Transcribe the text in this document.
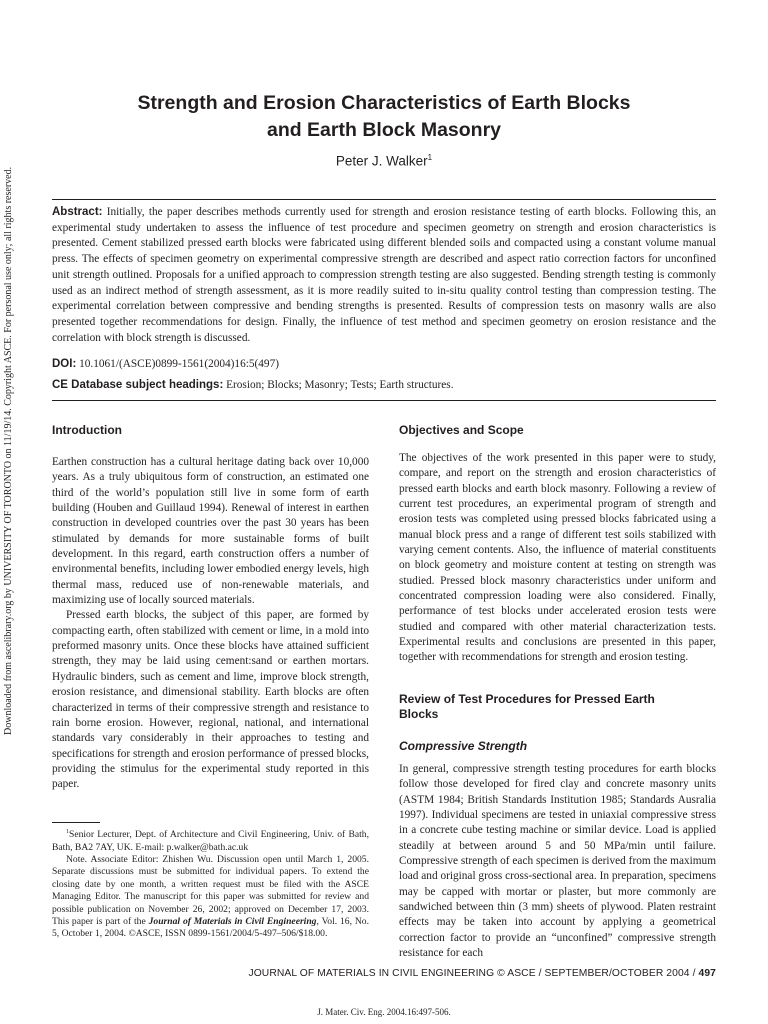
Downloaded from ascelibrary.org by UNIVERSITY OF TORONTO on 11/19/14. Copyright ASCE. For personal use only; all rights reserved.
Strength and Erosion Characteristics of Earth Blocks
and Earth Block Masonry
Peter J. Walker$^1$
Abstract: Initially, the paper describes methods currently used for strength and erosion resistance testing of earth blocks. Following this, an experimental study undertaken to assess the influence of test procedure and specimen geometry on strength and erosion characteristics is presented. Cement stabilized pressed earth blocks were fabricated using different blended soils and compacted using a constant volume manual press. The effects of specimen geometry on experimental compressive strength are described and aspect ratio correction factors for unconfined unit strength outlined. Proposals for a unified approach to compression strength testing are also suggested. Bending strength testing is commonly used as an indirect method of strength assessment, as it is more readily suited to in-situ quality control testing than compression testing. The experimental correlation between compressive and bending strengths is presented. Results of compression tests on masonry walls are also presented together recommendations for design. Finally, the influence of test method and specimen geometry on erosion resistance and the correlation with block strength is discussed.
DOI: 10.1061/(ASCE)0899-1561(2004)16:5(497)
CE Database subject headings: Erosion; Blocks; Masonry; Tests; Earth structures.
Introduction

Earthen construction has a cultural heritage dating back over 10,000 years. As a truly ubiquitous form of construction, an estimated one third of the world’s population still live in some form of earth building (Houben and Guillaud 1994). Renewal of interest in earthen construction in developed countries over the past 30 years has been stimulated by demands for more sustainable forms of built development. In this regard, earth construction offers a number of environmental benefits, including lower embodied energy levels, high thermal mass, reduced use of non-renewable materials, and maximizing use of locally sourced materials.

Pressed earth blocks, the subject of this paper, are formed by compacting earth, often stabilized with cement or lime, in a mold into preformed masonry units. Once these blocks have attained sufficient strength, they may be laid using cement:sand or earthen mortars. Hydraulic binders, such as cement and lime, improve block strength, erosion resistance, and dimensional stability. Earth blocks are often characterized in terms of their compressive strength and resistance to rain borne erosion. However, regional, national, and international standards vary considerably in their approaches to testing and specifications for strength and erosion performance of pressed blocks, providing the stimulus for the experimental study reported in this paper.

$^1$Senior Lecturer, Dept. of Architecture and Civil Engineering, Univ. of Bath, Bath, BA2 7AY, UK. E-mail: p.walker@bath.ac.uk

Note. Associate Editor: Zhishen Wu. Discussion open until March 1, 2005. Separate discussions must be submitted for individual papers. To extend the closing date by one month, a written request must be filed with the ASCE Managing Editor. The manuscript for this paper was submitted for review and possible publication on November 26, 2002; approved on December 17, 2003. This paper is part of the Journal of Materials in Civil Engineering, Vol. 16, No. 5, October 1, 2004. ©ASCE, ISSN 0899-1561/2004/5-497–506/$18.00.

Objectives and Scope

The objectives of the work presented in this paper were to study, compare, and report on the strength and erosion characteristics of pressed earth blocks and earth block masonry. Following a review of current test procedures, an experimental program of strength and erosion tests was completed using pressed blocks fabricated using a manual block press and a range of different test soils stabilized with varying cement contents. Also, the influence of material constituents on block geometry and moisture content at testing on strength was studied. Pressed block masonry characteristics under uniform and concentrated compression loading were also considered. Finally, performance of test blocks under accelerated erosion tests were studied and compared with other material characterization tests. Experimental results and conclusions are presented in this paper, together with recommendations for strength and erosion testing.

Review of Test Procedures for Pressed Earth Blocks
Compressive Strength

In general, compressive strength testing procedures for earth blocks follow those developed for fired clay and concrete masonry units (ASTM 1984; British Standards Institution 1985; Standards Ausralia 1997). Individual specimens are tested in uniaxial compressive stress in a concrete cube testing machine or similar device. Load is applied steadily at between around 5 and 50 MPa/min until failure. Compressive strength of each specimen is derived from the maximum load and original gross cross-sectional area. In preparation, specimens may be capped with mortar or plaster, but more commonly are sandwiched between thin (3 mm) sheets of plywood. Platen restraint effects may be taken into account by applying a geometrical correction factor to provide an “unconfined” compressive strength resistance for each

JOURNAL OF MATERIALS IN CIVIL ENGINEERING © ASCE / SEPTEMBER/OCTOBER 2004 / 497
J. Mater. Civ. Eng. 2004.16:497-506.
